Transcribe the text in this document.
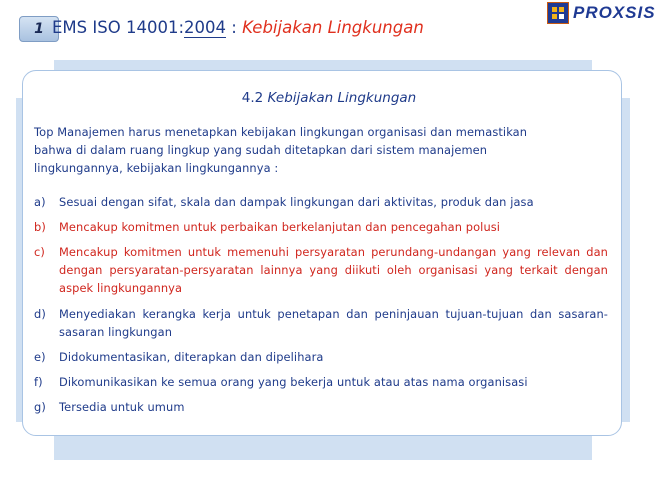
1 EMS ISO 14001:2004 : Kebijakan Lingkungan
PROXSIS
4.2 Kebijakan Lingkungan
Top Manajemen harus menetapkan kebijakan lingkungan organisasi dan memastikan
bahwa di dalam ruang lingkup yang sudah ditetapkan dari sistem manajemen
lingkungannya, kebijakan lingkungannya :
a) Sesuai dengan sifat, skala dan dampak lingkungan dari aktivitas, produk dan jasa
b) Mencakup komitmen untuk perbaikan berkelanjutan dan pencegahan polusi
c) Mencakup komitmen untuk memenuhi persyaratan perundang-undangan yang relevan dan dengan persyaratan-persyaratan lainnya yang diikuti oleh organisasi yang terkait dengan aspek lingkungannya
d) Menyediakan kerangka kerja untuk penetapan dan peninjauan tujuan-tujuan dan sasaran-sasaran lingkungan
e) Didokumentasikan, diterapkan dan dipelihara
f) Dikomunikasikan ke semua orang yang bekerja untuk atau atas nama organisasi
g) Tersedia untuk umum
